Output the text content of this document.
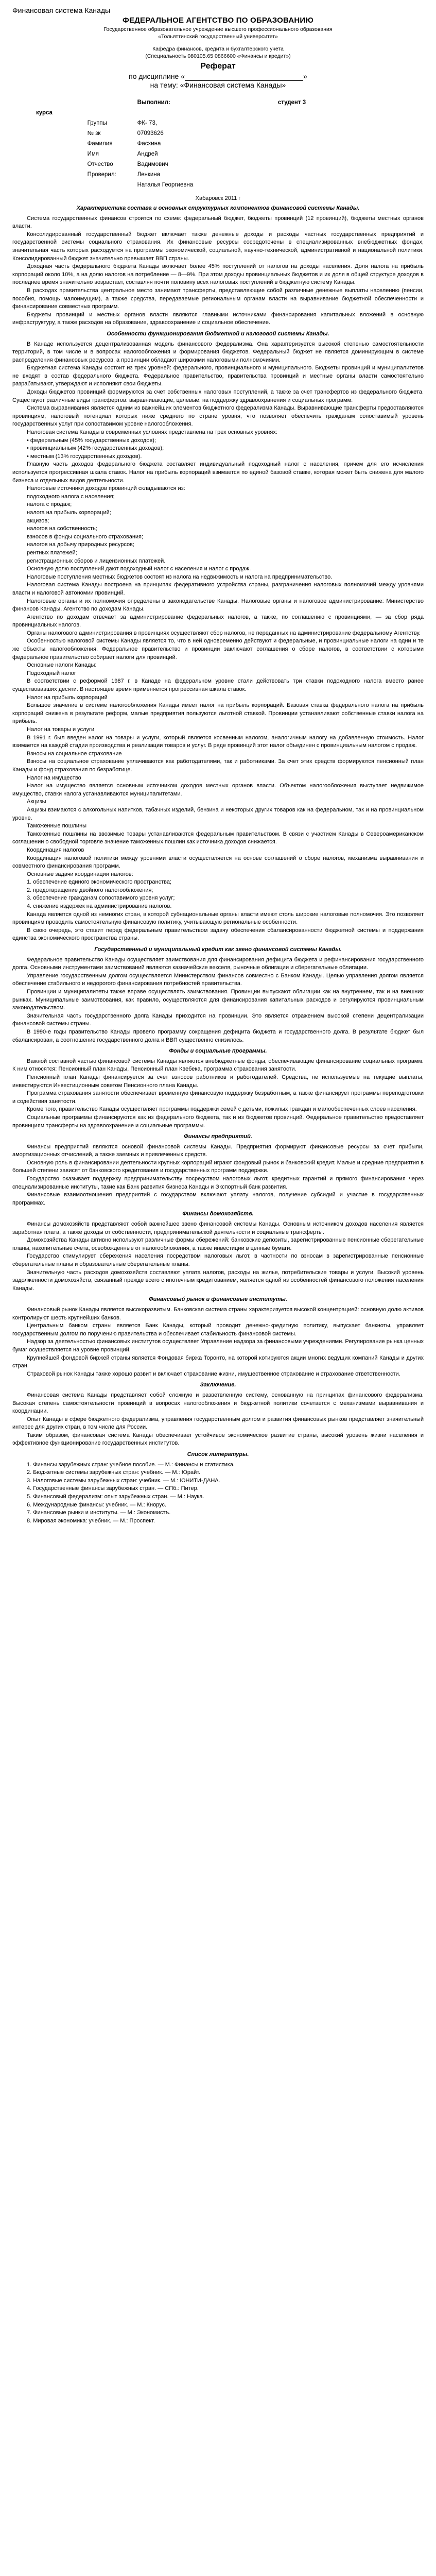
Финансовая система Канады

ФЕДЕРАЛЬНОЕ АГЕНТСТВО ПО ОБРАЗОВАНИЮ

Государственное образовательное учреждение высшего профессионального образования

«Тольяттинский государственный университет»

Кафедра финансов, кредита и бухгалтерского учета

(Специальность 080105.65 0866600 «Финансы и кредит»)

Реферат

по дисциплине «	»

на тему: «Финансовая система Канады»

		Выполнил:	студент 3
курса			
	Группы	ФК- 73,	
	№ зк	07093626	
	Фамилия	Фасхина	
	Имя	Андрей	
	Отчество	Вадимович	
	Проверил:	Ленкина	
		Наталья Георгиевна	

Хабаровск 2011 г

Характеристика состава и основных структурных компонентов финансовой системы Канады.

Система государственных финансов строится по схеме: федеральный бюджет, бюджеты провинций (12 провинций), бюджеты местных органов власти.

Консолидированный государственный бюджет включает также денежные доходы и расходы частных государственных предприятий и государственной системы социального страхования. Их финансовые ресурсы сосредоточены в специализированных внебюджетных фондах, значительная часть которых расходуется на программы экономической, социальной, научно-технической, административной и национальной политики. Консолидированный бюджет значительно превышает ВВП страны.

Доходная часть федерального бюджета Канады включает более 45% поступлений от налогов на доходы населения. Доля налога на прибыль корпораций около 10%, а на долю налогов на потребление — 8—9%. При этом доходы провинциальных бюджетов и их доля в общей структуре доходов в последнее время значительно возрастает, составляя почти половину всех налоговых поступлений в бюджетную систему Канады.

В расходах правительства центральное место занимают трансферты, представляющие собой различные денежные выплаты населению (пенсии, пособия, помощь малоимущим), а также средства, передаваемые региональным органам власти на выравнивание бюджетной обеспеченности и финансирование совместных программ.

Бюджеты провинций и местных органов власти являются главными источниками финансирования капитальных вложений в основную инфраструктуру, а также расходов на образование, здравоохранение и социальное обеспечение.

Особенности функционирования бюджетной и налоговой системы Канады.

В Канаде используется децентрализованная модель финансового федерализма. Она характеризуется высокой степенью самостоятельности территорий, в том числе и в вопросах налогообложения и формирования бюджетов. Федеральный бюджет не является доминирующим в системе распределения финансовых ресурсов, а провинции обладают широкими налоговыми полномочиями.

Бюджетная система Канады состоит из трех уровней: федерального, провинциального и муниципального. Бюджеты провинций и муниципалитетов не входят в состав федерального бюджета. Федеральное правительство, правительства провинций и местные органы власти самостоятельно разрабатывают, утверждают и исполняют свои бюджеты.

Доходы бюджетов провинций формируются за счет собственных налоговых поступлений, а также за счет трансфертов из федерального бюджета. Существуют различные виды трансфертов: выравнивающие, целевые, на поддержку здравоохранения и социальных программ.

Система выравнивания является одним из важнейших элементов бюджетного федерализма Канады. Выравнивающие трансферты предоставляются провинциям, налоговый потенциал которых ниже среднего по стране уровня, что позволяет обеспечить гражданам сопоставимый уровень государственных услуг при сопоставимом уровне налогообложения.

Налоговая система Канады в современных условиях представлена на трех основных уровнях:

• федеральным (45% государственных доходов);

• провинциальным (42% государственных доходов);

• местным (13% государственных доходов).

Главную часть доходов федерального бюджета составляет индивидуальный подоходный налог с населения, причем для его исчисления используется прогрессивная шкала ставок. Налог на прибыль корпораций взимается по единой базовой ставке, которая может быть снижена для малого бизнеса и отдельных видов деятельности.

Налоговые источники доходов провинций складываются из:

подоходного налога с населения;

налога с продаж;

налога на прибыль корпораций;

акцизов;

налогов на собственность;

взносов в фонды социального страхования;

налогов на добычу природных ресурсов;

рентных платежей;

регистрационных сборов и лицензионных платежей.

Основную долю поступлений дают подоходный налог с населения и налог с продаж.

Налоговые поступления местных бюджетов состоят из налога на недвижимость и налога на предпринимательство.

Налоговая система Канады построена на принципах федеративного устройства страны, разграничения налоговых полномочий между уровнями власти и налоговой автономии провинций.

Налоговые органы и их полномочия определены в законодательстве Канады. Налоговые органы и налоговое администрирование: Министерство финансов Канады, Агентство по доходам Канады.

Агентство по доходам отвечает за администрирование федеральных налогов, а также, по соглашению с провинциями, — за сбор ряда провинциальных налогов.

Органы налогового администрирования в провинциях осуществляют сбор налогов, не переданных на администрирование федеральному Агентству.

Особенностью налоговой системы Канады является то, что в ней одновременно действуют и федеральные, и провинциальные налоги на одни и те же объекты налогообложения. Федеральное правительство и провинции заключают соглашения о сборе налогов, в соответствии с которыми федеральное правительство собирает налоги для провинций.

Основные налоги Канады:

Подоходный налог

В соответствии с реформой 1987 г. в Канаде на федеральном уровне стали действовать три ставки подоходного налога вместо ранее существовавших десяти. В настоящее время применяется прогрессивная шкала ставок.

Налог на прибыль корпораций

Большое значение в системе налогообложения Канады имеет налог на прибыль корпораций. Базовая ставка федерального налога на прибыль корпораций снижена в результате реформ, малые предприятия пользуются льготной ставкой. Провинции устанавливают собственные ставки налога на прибыль.

Налог на товары и услуги

В 1991 г. был введен налог на товары и услуги, который является косвенным налогом, аналогичным налогу на добавленную стоимость. Налог взимается на каждой стадии производства и реализации товаров и услуг. В ряде провинций этот налог объединен с провинциальным налогом с продаж.

Взносы на социальное страхование

Взносы на социальное страхование уплачиваются как работодателями, так и работниками. За счет этих средств формируются пенсионный план Канады и фонд страхования по безработице.

Налог на имущество

Налог на имущество является основным источником доходов местных органов власти. Объектом налогообложения выступает недвижимое имущество, ставки налога устанавливаются муниципалитетами.

Акцизы

Акцизы взимаются с алкогольных напитков, табачных изделий, бензина и некоторых других товаров как на федеральном, так и на провинциальном уровне.

Таможенные пошлины

Таможенные пошлины на ввозимые товары устанавливаются федеральным правительством. В связи с участием Канады в Североамериканском соглашении о свободной торговле значение таможенных пошлин как источника доходов снижается.

Координация налогов

Координация налоговой политики между уровнями власти осуществляется на основе соглашений о сборе налогов, механизма выравнивания и совместного финансирования программ.

Основные задачи координации налогов:

1. обеспечение единого экономического пространства;

2. предотвращение двойного налогообложения;

3. обеспечение гражданам сопоставимого уровня услуг;

4. снижение издержек на администрирование налогов.

Канада является одной из немногих стран, в которой субнациональные органы власти имеют столь широкие налоговые полномочия. Это позволяет провинциям проводить самостоятельную финансовую политику, учитывающую региональные особенности.

В свою очередь, это ставит перед федеральным правительством задачу обеспечения сбалансированности бюджетной системы и поддержания единства экономического пространства страны.

Государственный и муниципальный кредит как звено финансовой системы Канады.

Федеральное правительство Канады осуществляет заимствования для финансирования дефицита бюджета и рефинансирования государственного долга. Основными инструментами заимствований являются казначейские векселя, рыночные облигации и сберегательные облигации.

Управление государственным долгом осуществляется Министерством финансов совместно с Банком Канады. Целью управления долгом является обеспечение стабильного и недорогого финансирования потребностей правительства.

Провинции и муниципалитеты также вправе осуществлять заимствования. Провинции выпускают облигации как на внутреннем, так и на внешних рынках. Муниципальные заимствования, как правило, осуществляются для финансирования капитальных расходов и регулируются провинциальным законодательством.

Значительная часть государственного долга Канады приходится на провинции. Это является отражением высокой степени децентрализации финансовой системы страны.

В 1990-е годы правительство Канады провело программу сокращения дефицита бюджета и государственного долга. В результате бюджет был сбалансирован, а соотношение государственного долга и ВВП существенно снизилось.

Фонды и социальные программы.

Важной составной частью финансовой системы Канады являются внебюджетные фонды, обеспечивающие финансирование социальных программ. К ним относятся: Пенсионный план Канады, Пенсионный план Квебека, программа страхования занятости.

Пенсионный план Канады финансируется за счет взносов работников и работодателей. Средства, не используемые на текущие выплаты, инвестируются Инвестиционным советом Пенсионного плана Канады.

Программа страхования занятости обеспечивает временную финансовую поддержку безработным, а также финансирует программы переподготовки и содействия занятости.

Кроме того, правительство Канады осуществляет программы поддержки семей с детьми, пожилых граждан и малообеспеченных слоев населения.

Социальные программы финансируются как из федерального бюджета, так и из бюджетов провинций. Федеральное правительство предоставляет провинциям трансферты на здравоохранение и социальные программы.

Финансы предприятий.

Финансы предприятий являются основой финансовой системы Канады. Предприятия формируют финансовые ресурсы за счет прибыли, амортизационных отчислений, а также заемных и привлеченных средств.

Основную роль в финансировании деятельности крупных корпораций играют фондовый рынок и банковский кредит. Малые и средние предприятия в большей степени зависят от банковского кредитования и государственных программ поддержки.

Государство оказывает поддержку предпринимательству посредством налоговых льгот, кредитных гарантий и прямого финансирования через специализированные институты, такие как Банк развития бизнеса Канады и Экспортный банк развития.

Финансовые взаимоотношения предприятий с государством включают уплату налогов, получение субсидий и участие в государственных программах.

Финансы домохозяйств.

Финансы домохозяйств представляют собой важнейшее звено финансовой системы Канады. Основным источником доходов населения является заработная плата, а также доходы от собственности, предпринимательской деятельности и социальные трансферты.

Домохозяйства Канады активно используют различные формы сбережений: банковские депозиты, зарегистрированные пенсионные сберегательные планы, накопительные счета, освобожденные от налогообложения, а также инвестиции в ценные бумаги.

Государство стимулирует сбережения населения посредством налоговых льгот, в частности по взносам в зарегистрированные пенсионные сберегательные планы и образовательные сберегательные планы.

Значительную часть расходов домохозяйств составляют уплата налогов, расходы на жилье, потребительские товары и услуги. Высокий уровень задолженности домохозяйств, связанный прежде всего с ипотечным кредитованием, является одной из особенностей финансового положения населения Канады.

Финансовый рынок и финансовые институты.

Финансовый рынок Канады является высокоразвитым. Банковская система страны характеризуется высокой концентрацией: основную долю активов контролируют шесть крупнейших банков.

Центральным банком страны является Банк Канады, который проводит денежно-кредитную политику, выпускает банкноты, управляет государственным долгом по поручению правительства и обеспечивает стабильность финансовой системы.

Надзор за деятельностью финансовых институтов осуществляет Управление надзора за финансовыми учреждениями. Регулирование рынка ценных бумаг осуществляется на уровне провинций.

Крупнейшей фондовой биржей страны является Фондовая биржа Торонто, на которой котируются акции многих ведущих компаний Канады и других стран.

Страховой рынок Канады также хорошо развит и включает страхование жизни, имущественное страхование и страхование ответственности.

Заключение.

Финансовая система Канады представляет собой сложную и разветвленную систему, основанную на принципах финансового федерализма. Высокая степень самостоятельности провинций в вопросах налогообложения и бюджетной политики сочетается с механизмами выравнивания и координации.

Опыт Канады в сфере бюджетного федерализма, управления государственным долгом и развития финансовых рынков представляет значительный интерес для других стран, в том числе для России.

Таким образом, финансовая система Канады обеспечивает устойчивое экономическое развитие страны, высокий уровень жизни населения и эффективное функционирование государственных институтов.

Список литературы.

1. Финансы зарубежных стран: учебное пособие. — М.: Финансы и статистика.

2. Бюджетные системы зарубежных стран: учебник. — М.: Юрайт.

3. Налоговые системы зарубежных стран: учебник. — М.: ЮНИТИ-ДАНА.

4. Государственные финансы зарубежных стран. — СПб.: Питер.

5. Финансовый федерализм: опыт зарубежных стран. — М.: Наука.

6. Международные финансы: учебник. — М.: Кнорус.

7. Финансовые рынки и институты. — М.: Экономистъ.

8. Мировая экономика: учебник. — М.: Проспект.
